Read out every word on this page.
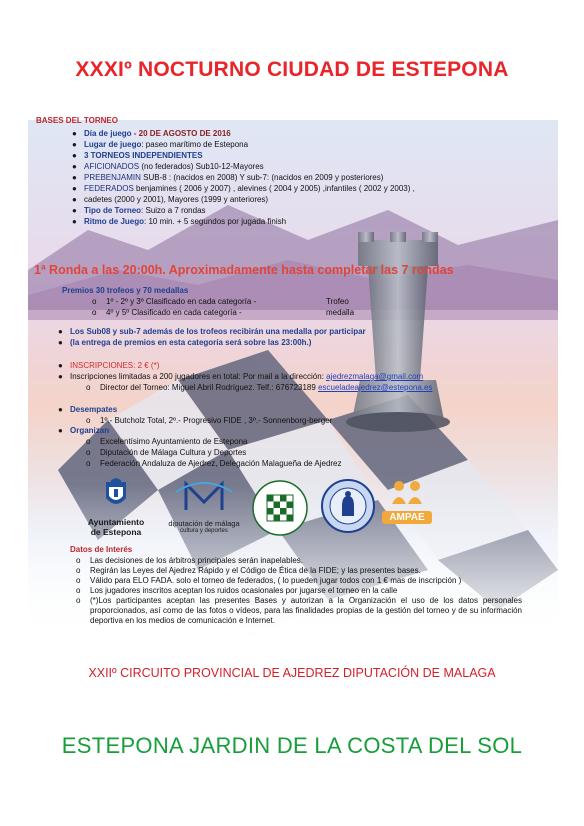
XXXIº NOCTURNO CIUDAD DE ESTEPONA
BASES DEL TORNEO
● Día de juego - 20 DE AGOSTO DE 2016
● Lugar de juego: paseo marítimo de Estepona
● 3 TORNEOS INDEPENDIENTES
● AFICIONADOS (no federados) Sub10-12-Mayores
● PREBENJAMIN SUB-8 : (nacidos en 2008) Y sub-7: (nacidos en 2009 y posteriores)
● FEDERADOS benjamines ( 2006 y 2007) , alevines ( 2004 y 2005) ,infantiles ( 2002 y 2003) ,
● cadetes (2000 y 2001), Mayores (1999 y anteriores)
● Tipo de Torneo: Suizo a 7 rondas
● Ritmo de Juego: 10 min. + 5 segundos por jugada finish
1ª Ronda a las 20:00h. Aproximadamente hasta completar las 7 rondas
Premios 30 trofeos y 70 medallas
o 1º - 2º y 3º Clasificado en cada categoría -	Trofeo
o 4º y 5º Clasificado en cada categoría -	medalla
● Los Sub08 y sub-7 además de los trofeos recibirán una medalla por participar
● (la entrega de premios en esta categoría será sobre las 23:00h.)
● INSCRIPCIONES: 2 € (*)
● Inscripciones limitadas a 200 jugadores en total: Por mail a la dirección: ajedrezmalaga@gmail.com
o Director del Torneo: Miguel Abril Rodríguez. Telf.: 676723189 escueladeajedrez@estepona.es
● Desempates
o 1º.- Butcholz Total, 2º.- Progresivo FIDE , 3º.- Sonnenborg-berger
● Organizan
o Excelentísimo Ayuntamiento de Estepona
o Diputación de Málaga Cultura y Deportes
o Federación Andaluza de Ajedrez, Delegación Malagueña de Ajedrez
Ayuntamiento
de Estepona
diputación de málaga
cultura y deportes
AMPAE
Datos de Interés
o Las decisiones de los árbitros principales serán inapelables.
o Regirán las Leyes del Ajedrez Rápido y el Código de Ética de la FIDE; y las presentes bases.
o Válido para ELO FADA. solo el torneo de federados, ( lo pueden jugar todos con 1 € mas de inscripción )
o Los jugadores inscritos aceptan los ruidos ocasionales por jugarse el torneo en la calle
o (*)Los participantes aceptan las presentes Bases y autorizan a la Organización el uso de los datos personales proporcionados, así como de las fotos o vídeos, para las finalidades propias de la gestión del torneo y de su información deportiva en los medios de comunicación e Internet.
XXIIº CIRCUITO PROVINCIAL DE AJEDREZ DIPUTACIÓN DE MALAGA
ESTEPONA JARDIN DE LA COSTA DEL SOL
